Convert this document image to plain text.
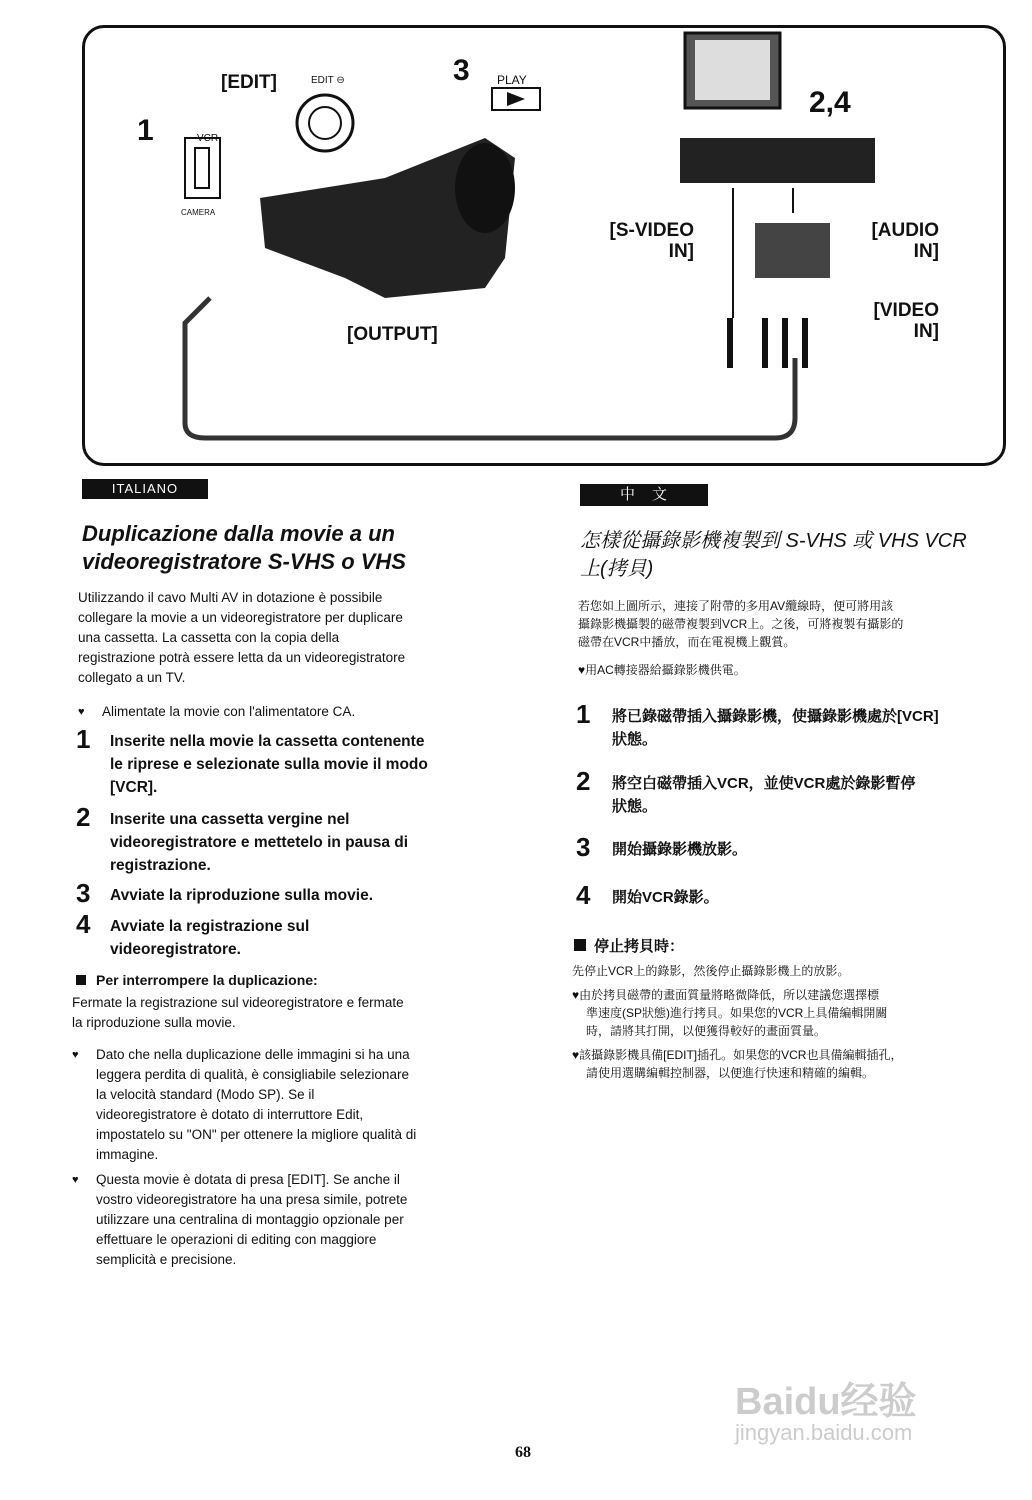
1
[EDIT]	EDIT ⊖	3 PLAY
VCR
CAMERA
2,4
[S-VIDEO
IN]
[AUDIO
IN]
[VIDEO
IN]
[OUTPUT]
ITALIANO
Duplicazione dalla movie a un
videoregistratore S-VHS o VHS
Utilizzando il cavo Multi AV in dotazione è possibile
collegare la movie a un videoregistratore per duplicare
una cassetta. La cassetta con la copia della
registrazione potrà essere letta da un videoregistratore
collegato a un TV.
♥ Alimentate la movie con l'alimentatore CA.
1 Inserite nella movie la cassetta contenente
le riprese e selezionate sulla movie il modo
[VCR].
2 Inserite una cassetta vergine nel
videoregistratore e mettetelo in pausa di
registrazione.
3 Avviate la riproduzione sulla movie.
4 Avviate la registrazione sul
videoregistratore.
Per interrompere la duplicazione:
Fermate la registrazione sul videoregistratore e fermate
la riproduzione sulla movie.
♥ Dato che nella duplicazione delle immagini si ha una
leggera perdita di qualità, è consigliabile selezionare
la velocità standard (Modo SP). Se il
videoregistratore è dotato di interruttore Edit,
impostatelo su "ON" per ottenere la migliore qualità di
immagine.
♥ Questa movie è dotata di presa [EDIT]. Se anche il
vostro videoregistratore ha una presa simile, potrete
utilizzare una centralina di montaggio opzionale per
effettuare le operazioni di editing con maggiore
semplicità e precisione.
中　文
怎樣從攝錄影機複製到 S-VHS 或 VHS VCR
上(拷貝)
若您如上圖所示，連接了附帶的多用AV纜線時，便可將用該
攝錄影機攝製的磁帶複製到VCR上。之後，可將複製有攝影的
磁帶在VCR中播放，而在電視機上觀賞。
♥用AC轉接器給攝錄影機供電。
1 將已錄磁帶插入攝錄影機，使攝錄影機處於[VCR]
狀態。
2 將空白磁帶插入VCR，並使VCR處於錄影暫停
狀態。
3 開始攝錄影機放影。
4 開始VCR錄影。
停止拷貝時：
先停止VCR上的錄影，然後停止攝錄影機上的放影。
♥由於拷貝磁帶的畫面質量將略微降低，所以建議您選擇標
準速度(SP狀態)進行拷貝。如果您的VCR上具備編輯開關
時，請將其打開，以便獲得較好的畫面質量。
♥該攝錄影機具備[EDIT]插孔。如果您的VCR也具備編輯插孔，
請使用選購編輯控制器，以便進行快速和精確的編輯。
68
Baidu经验
jingyan.baidu.com
